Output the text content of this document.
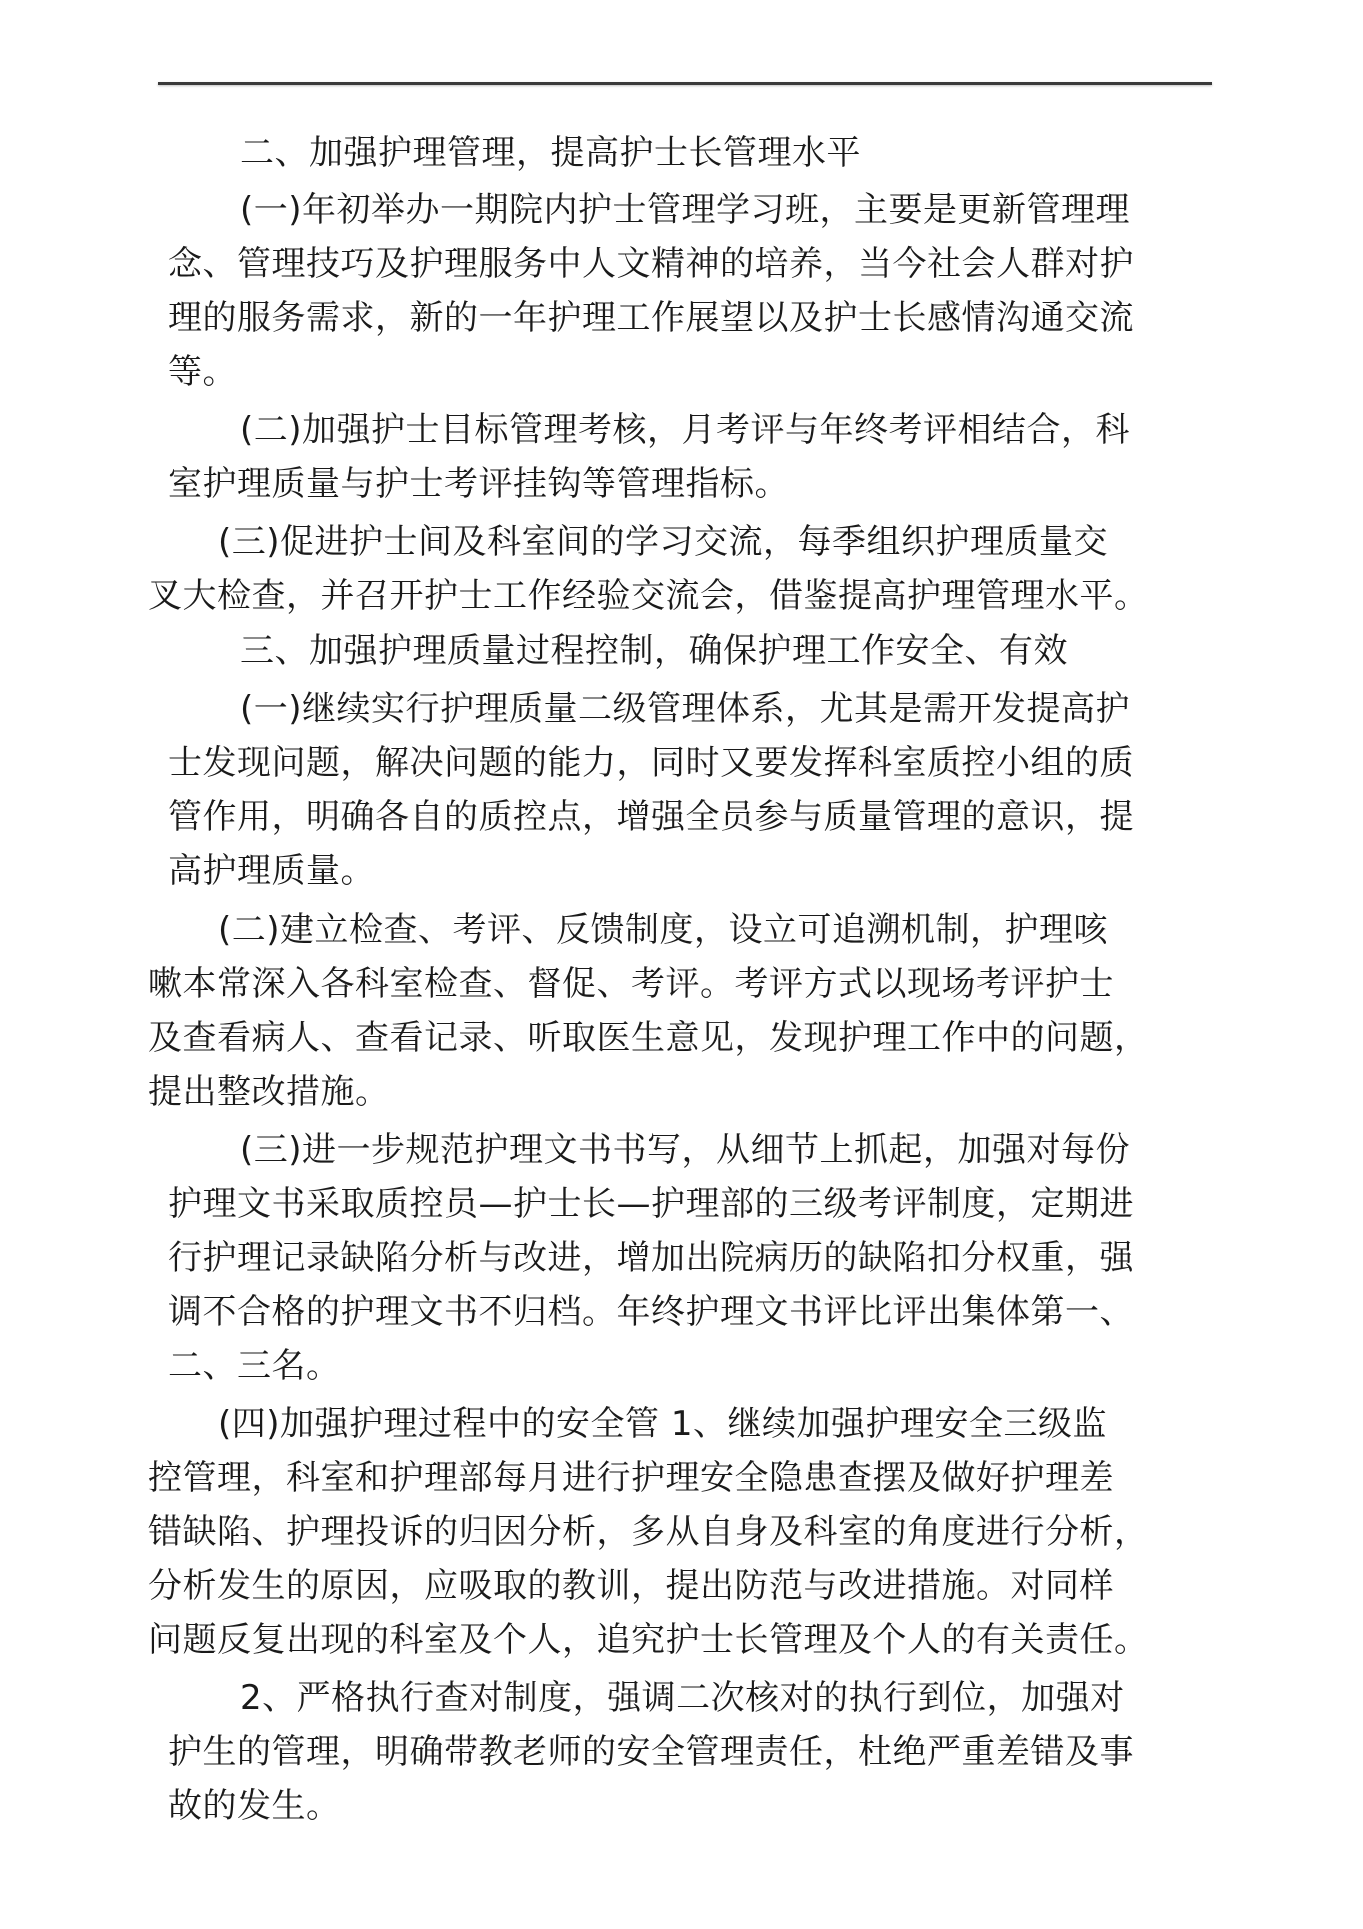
二、加强护理管理，提高护士长管理水平
(一)年初举办一期院内护士管理学习班，主要是更新管理理
念、管理技巧及护理服务中人文精神的培养，当今社会人群对护
理的服务需求，新的一年护理工作展望以及护士长感情沟通交流
等。
(二)加强护士目标管理考核，月考评与年终考评相结合，科
室护理质量与护士考评挂钩等管理指标。
(三)促进护士间及科室间的学习交流，每季组织护理质量交
叉大检查，并召开护士工作经验交流会，借鉴提高护理管理水平。
三、加强护理质量过程控制，确保护理工作安全、有效
(一)继续实行护理质量二级管理体系，尤其是需开发提高护
士发现问题，解决问题的能力，同时又要发挥科室质控小组的质
管作用，明确各自的质控点，增强全员参与质量管理的意识，提
高护理质量。
(二)建立检查、考评、反馈制度，设立可追溯机制，护理咳
嗽本常深入各科室检查、督促、考评。考评方式以现场考评护士
及查看病人、查看记录、听取医生意见，发现护理工作中的问题，
提出整改措施。
(三)进一步规范护理文书书写，从细节上抓起，加强对每份
护理文书采取质控员—护士长—护理部的三级考评制度，定期进
行护理记录缺陷分析与改进，增加出院病历的缺陷扣分权重，强
调不合格的护理文书不归档。年终护理文书评比评出集体第一、
二、三名。
(四)加强护理过程中的安全管 1、继续加强护理安全三级监
控管理，科室和护理部每月进行护理安全隐患查摆及做好护理差
错缺陷、护理投诉的归因分析，多从自身及科室的角度进行分析，
分析发生的原因，应吸取的教训，提出防范与改进措施。对同样
问题反复出现的科室及个人，追究护士长管理及个人的有关责任。
2、严格执行查对制度，强调二次核对的执行到位，加强对
护生的管理，明确带教老师的安全管理责任，杜绝严重差错及事
故的发生。
